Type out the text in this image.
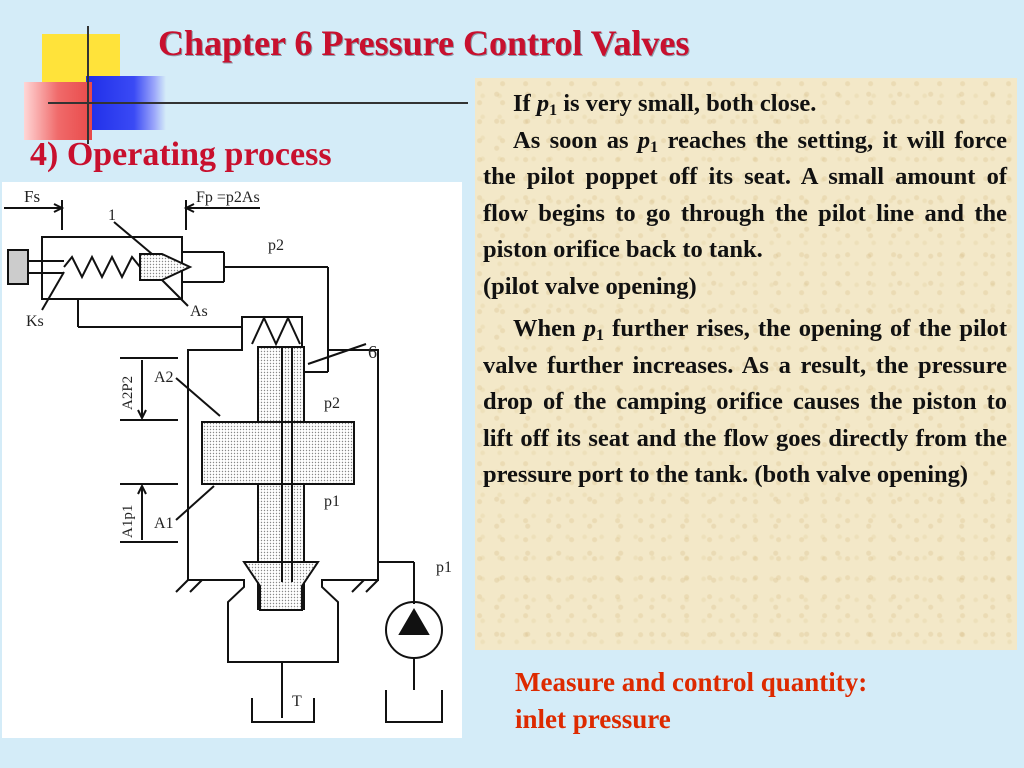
Chapter 6 Pressure Control Valves
4) Operating process
Fs	Fp =p2As
1
p2
As
Ks
6
A2
A2P2	p2
A1
A1p1
p1
p1
T

If $p_1$ is very small, both close.

As soon as $p_1$ reaches the setting, it will force the pilot poppet off its seat. A small amount of flow begins to go through the pilot line and the piston orifice back to tank.

(pilot valve opening)

When $p_1$ further rises, the opening of the pilot valve further increases. As a result, the pressure drop of the camping orifice causes the piston to lift off its seat and the flow goes directly from the pressure port to the tank. (both valve opening)

Measure and control quantity:
inlet pressure
